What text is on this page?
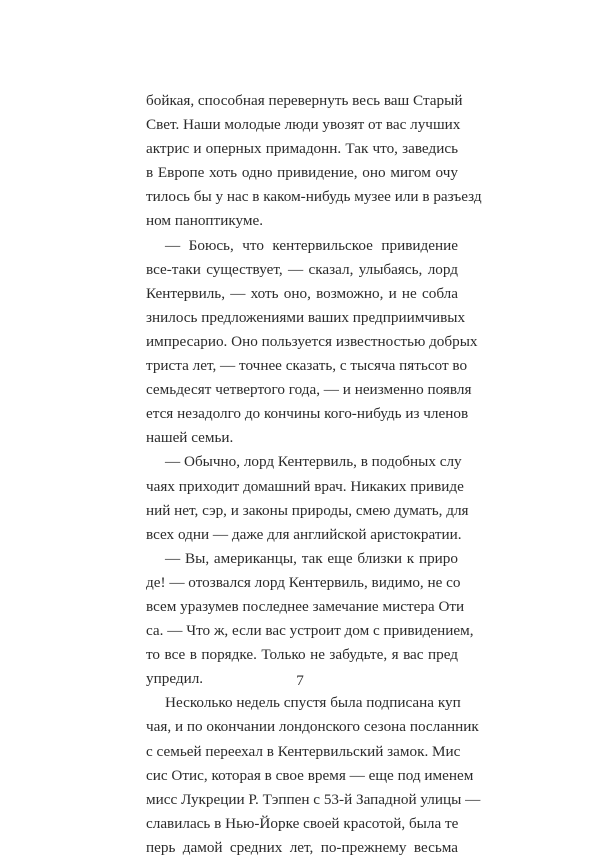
бойкая, способная перевернуть весь ваш Старый
Свет. Наши молодые люди увозят от вас лучших
актрис и оперных примадонн. Так что, заведись
в Европе хоть одно привидение, оно мигом очу
тилось бы у нас в каком-нибудь музее или в разъезд
ном паноптикуме.
— Боюсь, что кентервильское привидение
все-таки существует, — сказал, улыбаясь, лорд
Кентервиль, — хоть оно, возможно, и не собла
знилось предложениями ваших предприимчивых
импресарио. Оно пользуется известностью добрых
триста лет, — точнее сказать, с тысяча пятьсот во
семьдесят четвертого года, — и неизменно появля
ется незадолго до кончины кого-нибудь из членов
нашей семьи.
— Обычно, лорд Кентервиль, в подобных слу
чаях приходит домашний врач. Никаких привиде
ний нет, сэр, и законы природы, смею думать, для
всех одни — даже для английской аристократии.
— Вы, американцы, так еще близки к приро
де! — отозвался лорд Кентервиль, видимо, не со
всем уразумев последнее замечание мистера Оти
са. — Что ж, если вас устроит дом с привидением,
то все в порядке. Только не забудьте, я вас пред
упредил.
Несколько недель спустя была подписана куп
чая, и по окончании лондонского сезона посланник
с семьей переехал в Кентервильский замок. Мис
сис Отис, которая в свое время — еще под именем
мисс Лукреции Р. Тэппен с 53-й Западной улицы —
славилась в Нью-Йорке своей красотой, была те
перь дамой средних лет, по-прежнему весьма
7
